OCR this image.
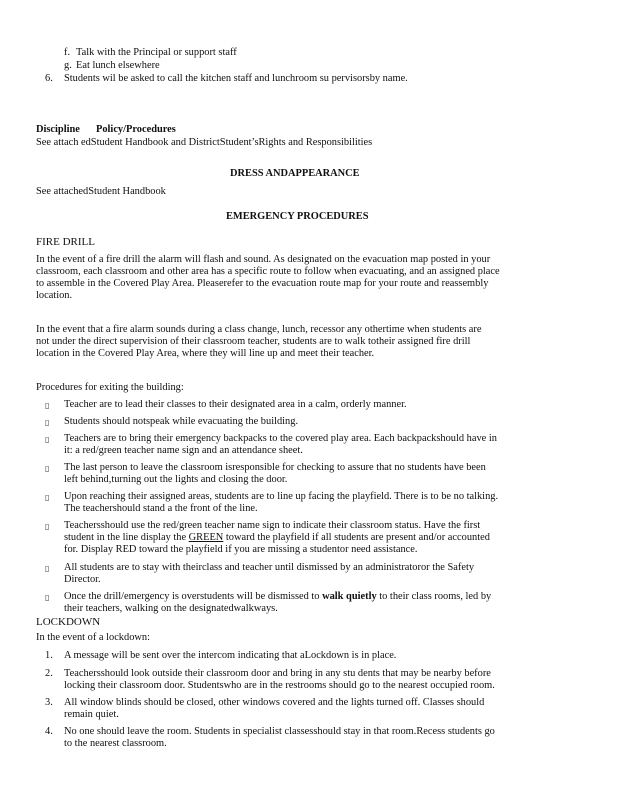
f. Talk with the Principal or support staff
g. Eat lunch elsewhere
6. Students wil be asked to call the kitchen staff and lunchroom su pervisorsby name.
Discipline Policy/Procedures
See attach edStudent Handbook and DistrictStudent’sRights and Responsibilities
DRESS ANDAPPEARANCE
See attachedStudent Handbook
EMERGENCY PROCEDURES
FIRE DRILL
In the event of a fire drill the alarm will flash and sound. As designated on the evacuation map posted in your
classroom, each classroom and other area has a specific route to follow when evacuating, and an assigned place
to assemble in the Covered Play Area. Pleaserefer to the evacuation route map for your route and reassembly
location.
In the event that a fire alarm sounds during a class change, lunch, recessor any othertime when students are
not under the direct supervision of their classroom teacher, students are to walk totheir assigned fire drill
location in the Covered Play Area, where they will line up and meet their teacher.
Procedures for exiting the building:
▯ Teacher are to lead their classes to their designated area in a calm, orderly manner.
▯ Students should notspeak while evacuating the building.
▯ Teachers are to bring their emergency backpacks to the covered play area. Each backpackshould have in
it: a red/green teacher name sign and an attendance sheet.
▯ The last person to leave the classroom isresponsible for checking to assure that no students have been
left behind,turning out the lights and closing the door.
▯ Upon reaching their assigned areas, students are to line up facing the playfield. There is to be no talking.
The teachershould stand a the front of the line.
▯ Teachersshould use the red/green teacher name sign to indicate their classroom status. Have the first
student in the line display the GREEN toward the playfield if all students are present and/or accounted
for. Display RED toward the playfield if you are missing a studentor need assistance.
▯ All students are to stay with theirclass and teacher until dismissed by an administratoror the Safety
Director.
▯ Once the drill/emergency is overstudents will be dismissed to walk quietly to their class rooms, led by
their teachers, walking on the designatedwalkways.
LOCKDOWN
In the event of a lockdown:
1. A message will be sent over the intercom indicating that aLockdown is in place.
2. Teachersshould look outside their classroom door and bring in any stu dents that may be nearby before
locking their classroom door. Studentswho are in the restrooms should go to the nearest occupied room.
3. All window blinds should be closed, other windows covered and the lights turned off. Classes should
remain quiet.
4. No one should leave the room. Students in specialist classesshould stay in that room.Recess students go
to the nearest classroom.
